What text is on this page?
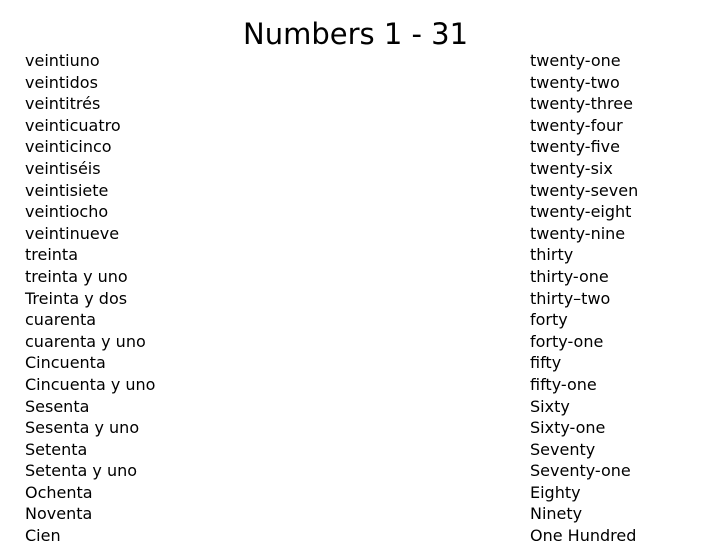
Numbers 1 - 31
veintiuno
veintidos
veintitrés
veinticuatro
veinticinco
veintiséis
veintisiete
veintiocho
veintinueve
treinta
treinta y uno
Treinta y dos
cuarenta
cuarenta y uno
Cincuenta
Cincuenta y uno
Sesenta
Sesenta y uno
Setenta
Setenta y uno
Ochenta
Noventa
Cien
twenty-one
twenty-two
twenty-three
twenty-four
twenty-five
twenty-six
twenty-seven
twenty-eight
twenty-nine
thirty
thirty-one
thirty–two
forty
forty-one
fifty
fifty-one
Sixty
Sixty-one
Seventy
Seventy-one
Eighty
Ninety
One Hundred
